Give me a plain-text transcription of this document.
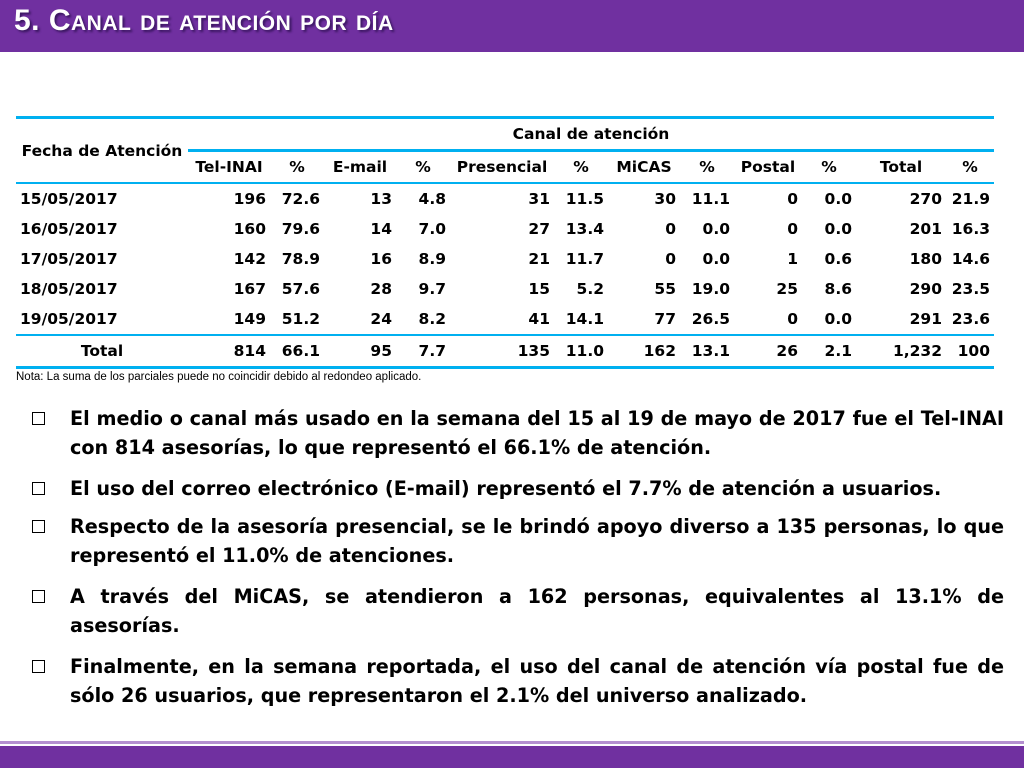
5. Canal de atención por día
Fecha de Atención	Canal de atención											
	Tel-INAI	%	E-mail	%	Presencial	%	MiCAS	%	Postal	%	Total	%
15/05/2017	196	72.6	13	4.8	31	11.5	30	11.1	0	0.0	270	21.9
16/05/2017	160	79.6	14	7.0	27	13.4	0	0.0	0	0.0	201	16.3
17/05/2017	142	78.9	16	8.9	21	11.7	0	0.0	1	0.6	180	14.6
18/05/2017	167	57.6	28	9.7	15	5.2	55	19.0	25	8.6	290	23.5
19/05/2017	149	51.2	24	8.2	41	14.1	77	26.5	0	0.0	291	23.6
Total	814	66.1	95	7.7	135	11.0	162	13.1	26	2.1	1,232	100
Nota: La suma de los parciales puede no coincidir debido al redondeo aplicado.
El medio o canal más usado en la semana del 15 al 19 de mayo de 2017 fue el Tel-INAI con 814 asesorías, lo que representó el 66.1% de atención.
El uso del correo electrónico (E-mail) representó el 7.7% de atención a usuarios.
Respecto de la asesoría presencial, se le brindó apoyo diverso a 135 personas, lo que representó el 11.0% de atenciones.
A través del MiCAS, se atendieron a 162 personas, equivalentes al 13.1% de asesorías.
Finalmente, en la semana reportada, el uso del canal de atención vía postal fue de sólo 26 usuarios, que representaron el 2.1% del universo analizado.
